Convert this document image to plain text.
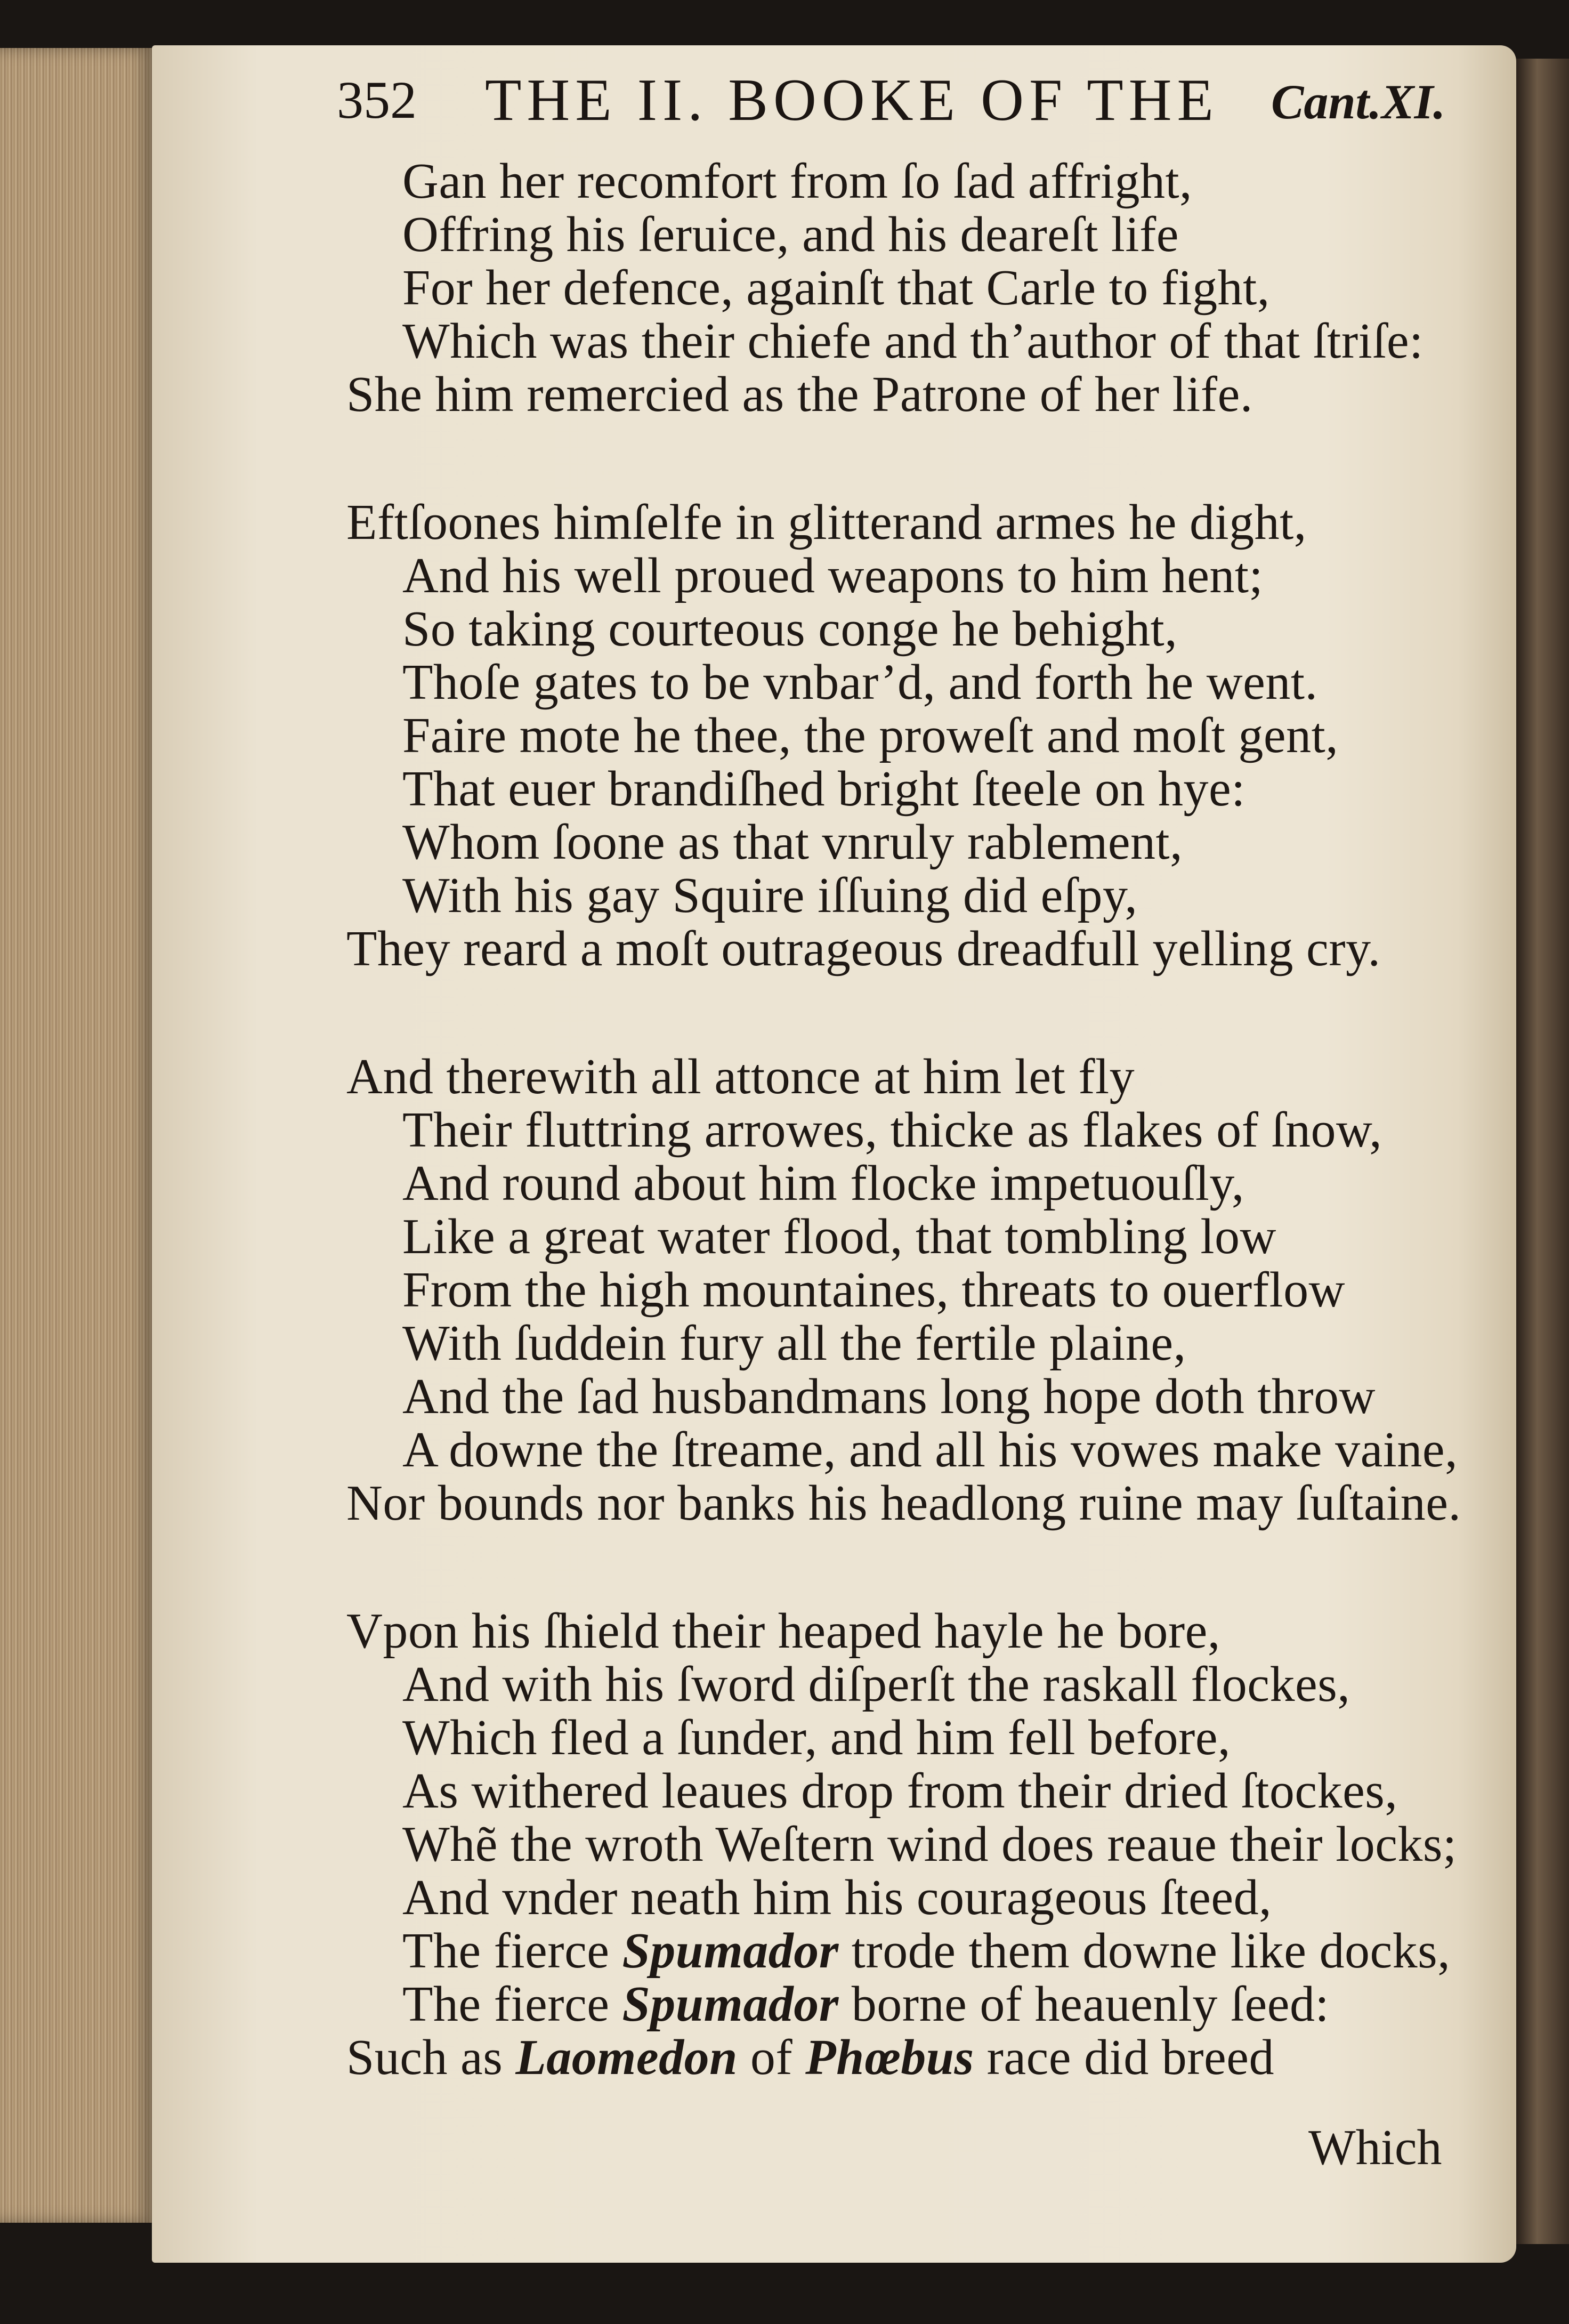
352 THE II. BOOKE OF THE Cant.XI.
Gan her recomfort from ſo ſad affright,
Offring his ſeruice, and his deareſt life
For her defence, againſt that Carle to fight,
Which was their chiefe and th’author of that ſtriſe:
She him remercied as the Patrone of her life.
Eftſoones himſelfe in glitterand armes he dight,
And his well proued weapons to him hent;
So taking courteous conge he behight,
Thoſe gates to be vnbar’d, and forth he went.
Faire mote he thee, the proweſt and moſt gent,
That euer brandiſhed bright ſteele on hye:
Whom ſoone as that vnruly rablement,
With his gay Squire iſſuing did eſpy,
They reard a moſt outrageous dreadfull yelling cry.
And therewith all attonce at him let fly
Their fluttring arrowes, thicke as flakes of ſnow,
And round about him flocke impetuouſly,
Like a great water flood, that tombling low
From the high mountaines, threats to ouerflow
With ſuddein fury all the fertile plaine,
And the ſad husbandmans long hope doth throw
A downe the ſtreame, and all his vowes make vaine,
Nor bounds nor banks his headlong ruine may ſuſtaine.
Vpon his ſhield their heaped hayle he bore,
And with his ſword diſperſt the raskall flockes,
Which fled a ſunder, and him fell before,
As withered leaues drop from their dried ſtockes,
Whẽ the wroth Weſtern wind does reaue their locks;
And vnder neath him his courageous ſteed,
The fierce Spumador trode them downe like docks,
The fierce Spumador borne of heauenly ſeed:
Such as Laomedon of Phœbus race did breed
Which
